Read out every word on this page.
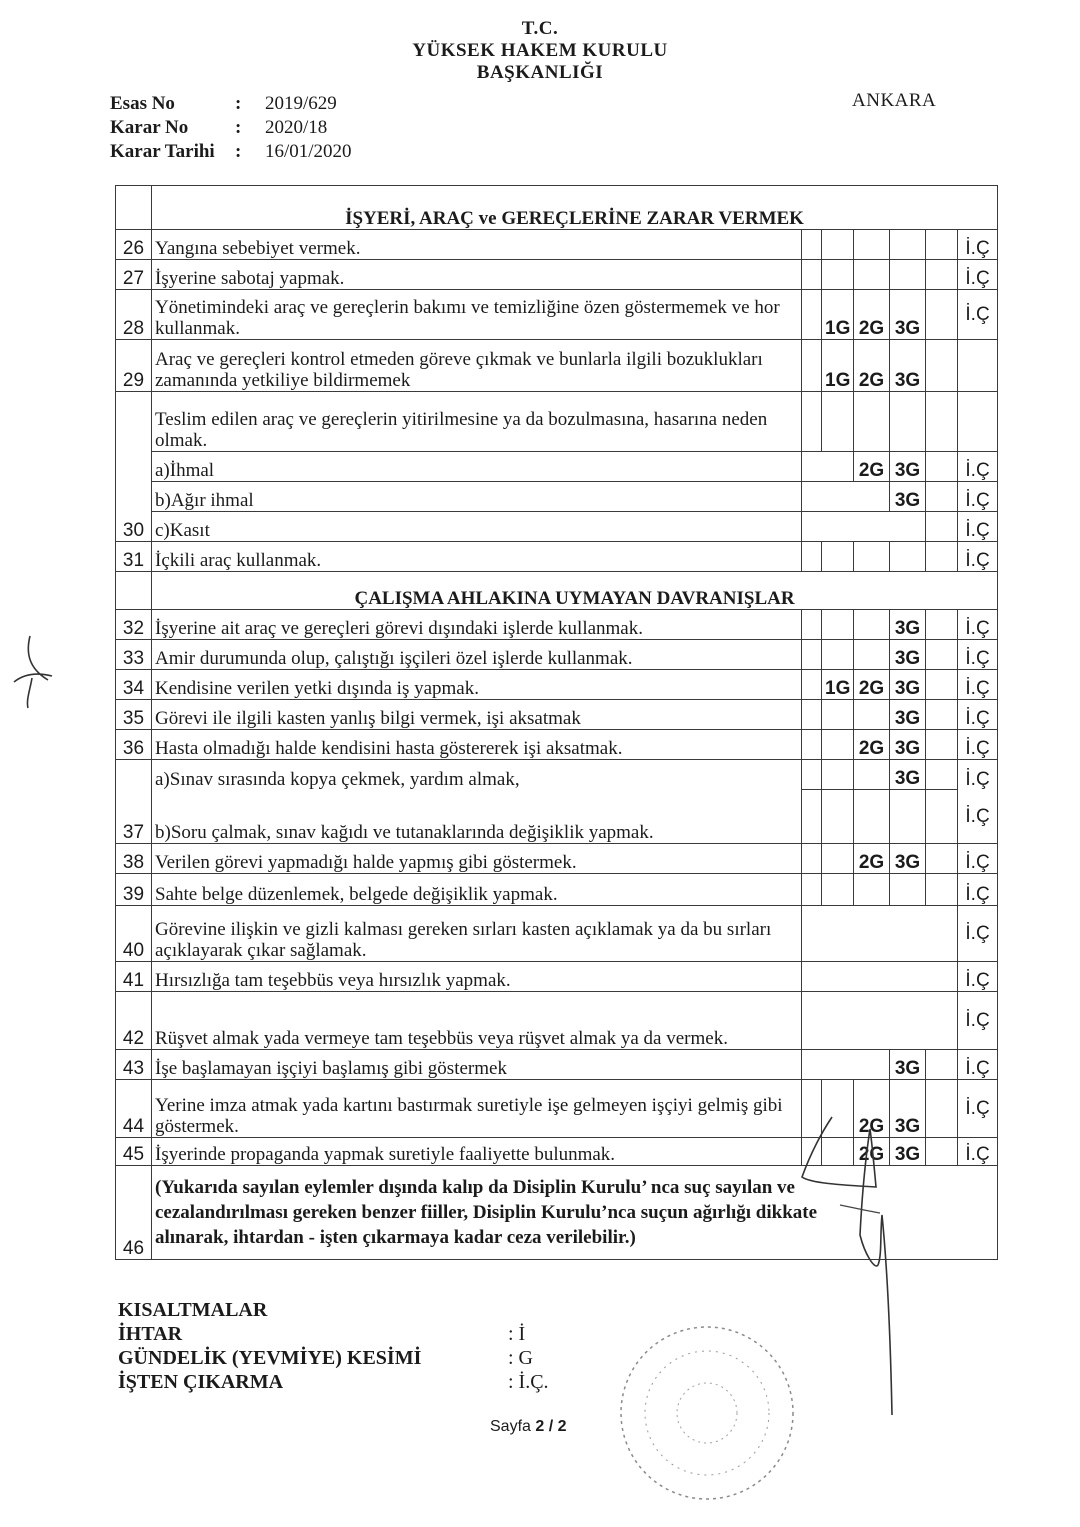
T.C.
YÜKSEK HAKEM KURULU
BAŞKANLIĞI
Esas No	:	2019/629
Karar No	:	2020/18
Karar Tarihi	:	16/01/2020
ANKARA
	İŞYERİ, ARAÇ ve GEREÇLERİNE ZARAR VERMEK						
26	Yangına sebebiyet vermek.						İ.Ç
27	İşyerine sabotaj yapmak.						İ.Ç
28	Yönetimindeki araç ve gereçlerin bakımı ve temizliğine özen göstermemek ve hor kullanmak.		1G	2G	3G		İ.Ç
29	Araç ve gereçleri kontrol etmeden göreve çıkmak ve bunlarla ilgili bozuklukları zamanında yetkiliye bildirmemek		1G	2G	3G		
30	Teslim edilen araç ve gereçlerin yitirilmesine ya da bozulmasına, hasarına neden olmak.						
	a)İhmal			2G	3G		İ.Ç
	b)Ağır ihmal				3G		İ.Ç
	c)Kasıt						İ.Ç
31	İçkili araç kullanmak.						İ.Ç
	ÇALIŞMA AHLAKINA UYMAYAN DAVRANIŞLAR						
32	İşyerine ait araç ve gereçleri görevi dışındaki işlerde kullanmak.				3G		İ.Ç
33	Amir durumunda olup, çalıştığı işçileri özel işlerde kullanmak.				3G		İ.Ç
34	Kendisine verilen yetki dışında iş yapmak.		1G	2G	3G		İ.Ç
35	Görevi ile ilgili kasten yanlış bilgi vermek, işi aksatmak				3G		İ.Ç
36	Hasta olmadığı halde kendisini hasta göstererek işi aksatmak.			2G	3G		İ.Ç
37	a)Sınav sırasında kopya çekmek, yardım almak,				3G		İ.Ç
	b)Soru çalmak, sınav kağıdı ve tutanaklarında değişiklik yapmak.						İ.Ç
38	Verilen görevi yapmadığı halde yapmış gibi göstermek.			2G	3G		İ.Ç
39	Sahte belge düzenlemek, belgede değişiklik yapmak.						İ.Ç
40	Görevine ilişkin ve gizli kalması gereken sırları kasten açıklamak ya da bu sırları açıklayarak çıkar sağlamak.						İ.Ç
41	Hırsızlığa tam teşebbüs veya hırsızlık yapmak.						İ.Ç
42	Rüşvet almak yada vermeye tam teşebbüs veya rüşvet almak ya da vermek.						İ.Ç
43	İşe başlamayan işçiyi başlamış gibi göstermek				3G		İ.Ç
44	Yerine imza atmak yada kartını bastırmak suretiyle işe gelmeyen işçiyi gelmiş gibi göstermek.			2G	3G		İ.Ç
45	İşyerinde propaganda yapmak suretiyle faaliyette bulunmak.			2G	3G		İ.Ç
46	(Yukarıda sayılan eylemler dışında kalıp da Disiplin Kurulu’ nca suç sayılan ve cezalandırılması gereken benzer fiiller, Disiplin Kurulu’nca suçun ağırlığı dikkate alınarak, ihtardan - işten çıkarmaya kadar ceza verilebilir.)						
KISALTMALAR
İHTAR	: İ
GÜNDELİK (YEVMİYE) KESİMİ	: G
İŞTEN ÇIKARMA	: İ.Ç.
Sayfa 2 / 2
